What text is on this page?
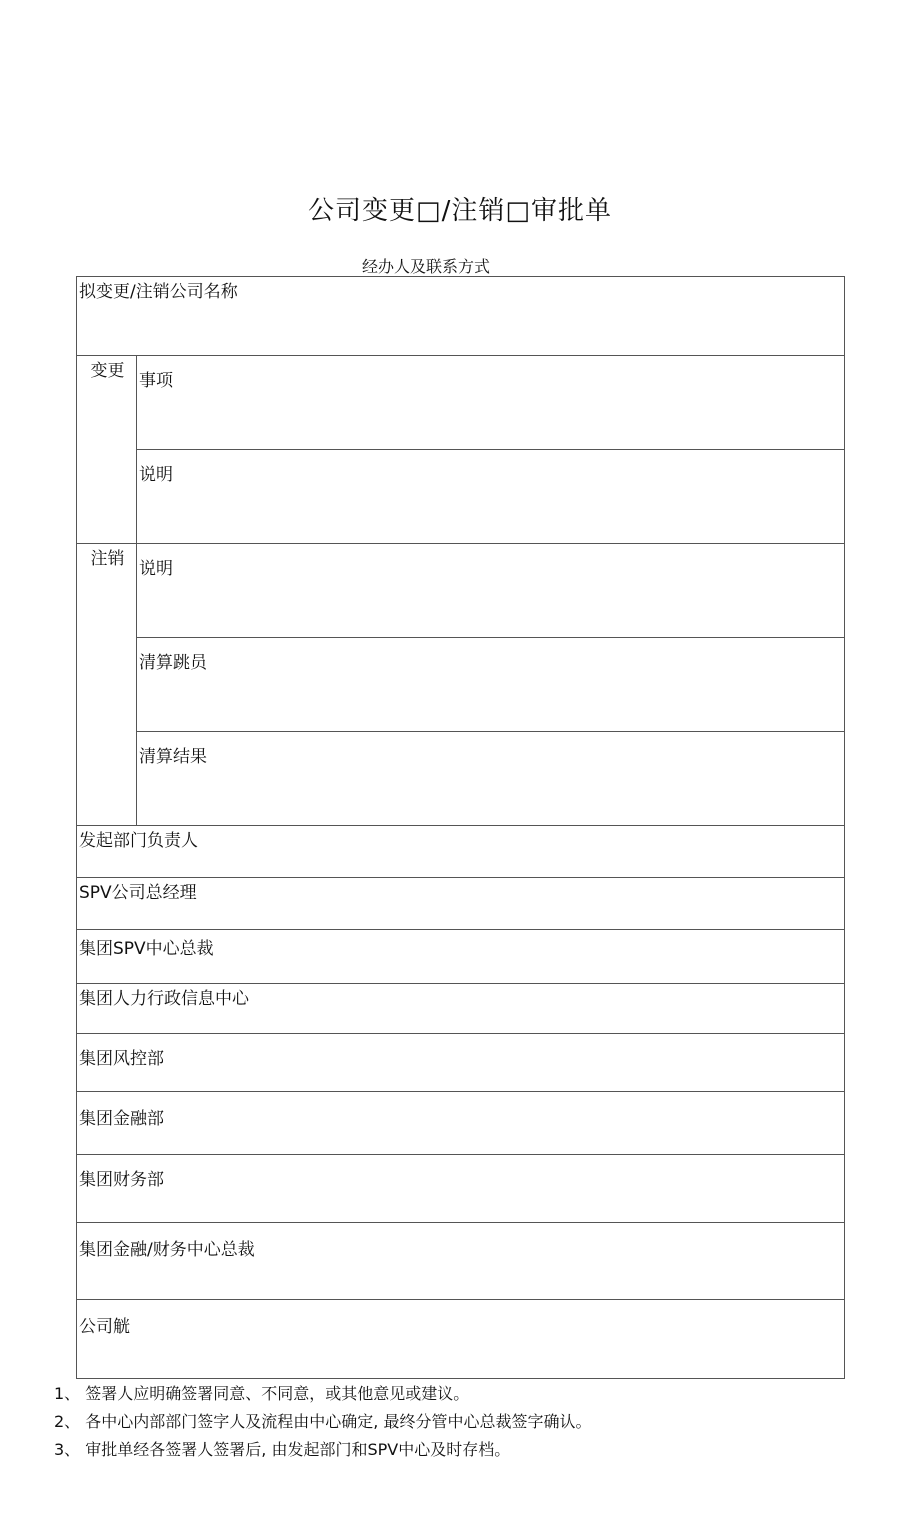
公司变更□/注销□审批单
经办人及联系方式
拟变更/注销公司名称	
变更	事项
	说明
注销	说明
	清算跳员
	清算结果
发起部门负责人	
SPV公司总经理	
集团SPV中心总裁	
集团人力行政信息中心	
集团风控部	
集团金融部	
集团财务部	
集团金融/财务中心总裁	
公司觥	
1、 签署人应明确签署同意、不同意，或其他意见或建议。
2、 各中心内部部门签字人及流程由中心确定, 最终分管中心总裁签字确认。
3、 审批单经各签署人签署后, 由发起部门和SPV中心及时存档。
